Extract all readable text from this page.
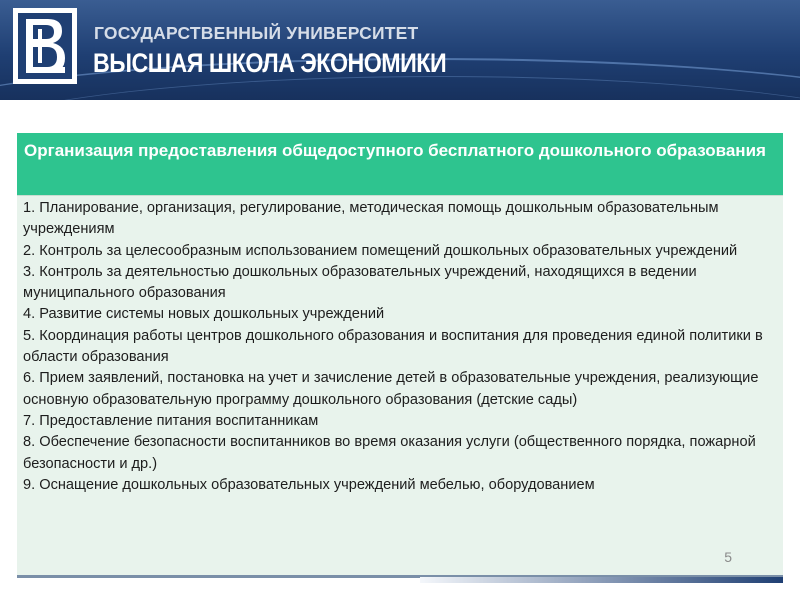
ГОСУДАРСТВЕННЫЙ УНИВЕРСИТЕТ
ВЫСШАЯ ШКОЛА ЭКОНОМИКИ
Организация предоставления общедоступного бесплатного дошкольного образования

1. Планирование, организация, регулирование, методическая помощь дошкольным образовательным учреждениям

2. Контроль за целесообразным использованием помещений дошкольных образовательных учреждений

3. Контроль за деятельностью дошкольных образовательных учреждений, находящихся в ведении муниципального образования

4. Развитие системы новых дошкольных учреждений

5. Координация работы центров дошкольного образования и воспитания для проведения единой политики в области образования

6. Прием заявлений, постановка на учет и зачисление детей в образовательные учреждения, реализующие основную образовательную программу дошкольного образования (детские сады)

7. Предоставление питания воспитанникам

8. Обеспечение безопасности воспитанников во время оказания услуги (общественного порядка, пожарной безопасности и др.)

9. Оснащение дошкольных образовательных учреждений мебелью, оборудованием

5
